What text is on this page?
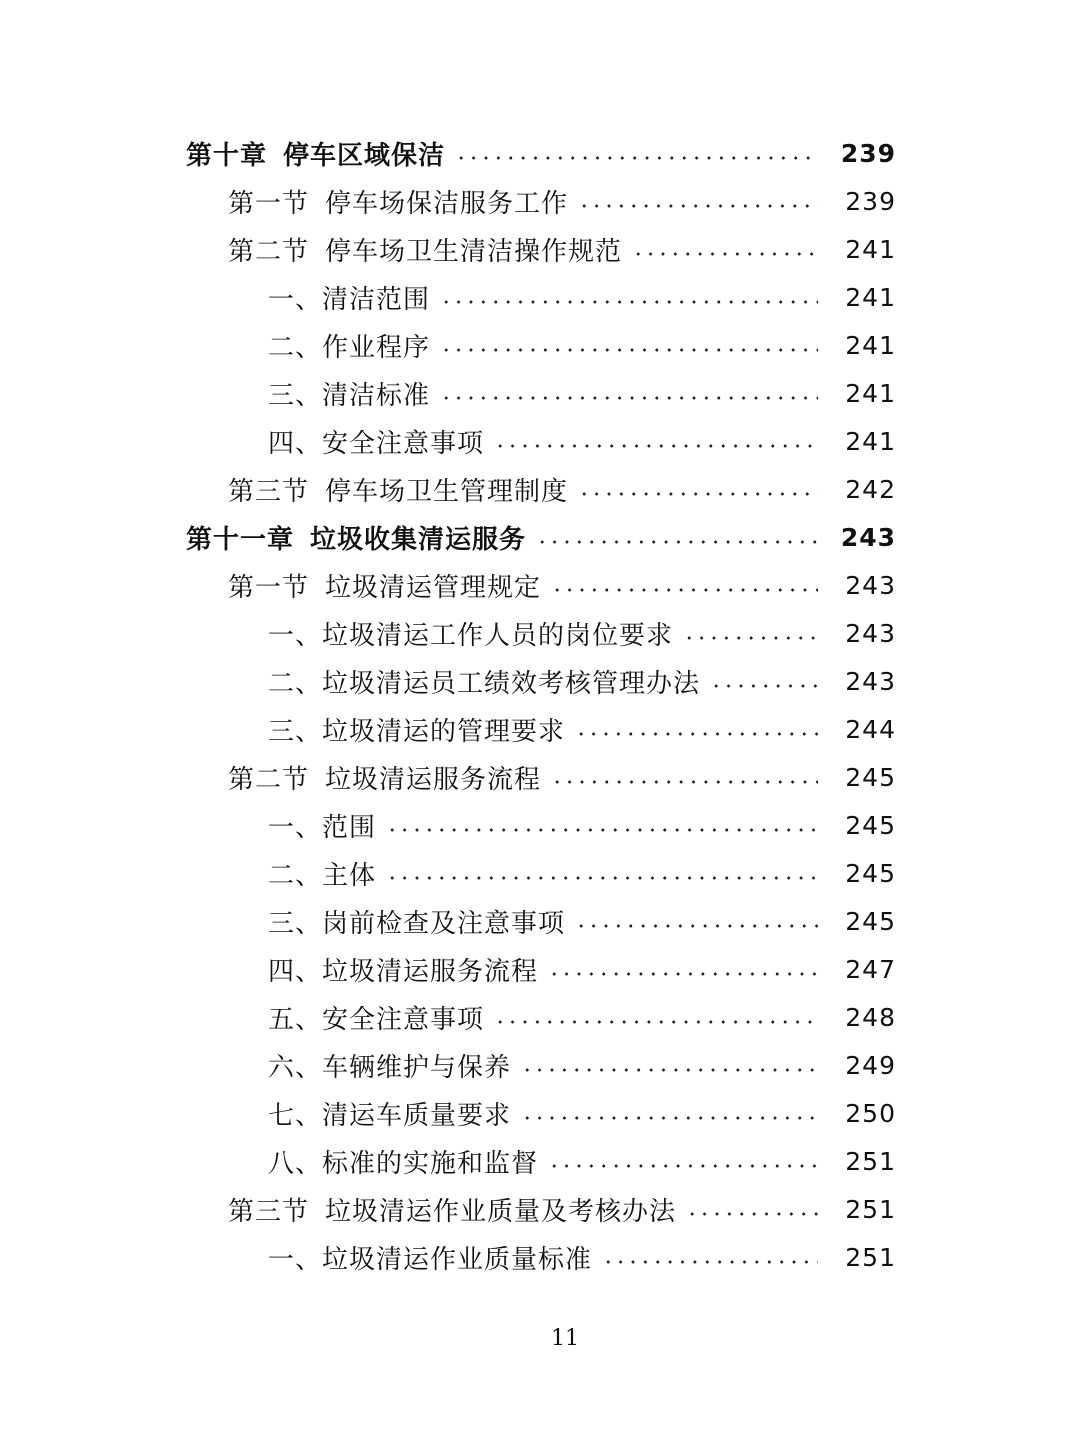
第十章 停车区域保洁	239
第一节 停车场保洁服务工作	239
第二节 停车场卫生清洁操作规范	241
一、清洁范围	241
二、作业程序	241
三、清洁标准	241
四、安全注意事项	241
第三节 停车场卫生管理制度	242
第十一章 垃圾收集清运服务	243
第一节 垃圾清运管理规定	243
一、垃圾清运工作人员的岗位要求	243
二、垃圾清运员工绩效考核管理办法	243
三、垃圾清运的管理要求	244
第二节 垃圾清运服务流程	245
一、范围	245
二、主体	245
三、岗前检查及注意事项	245
四、垃圾清运服务流程	247
五、安全注意事项	248
六、车辆维护与保养	249
七、清运车质量要求	250
八、标准的实施和监督	251
第三节 垃圾清运作业质量及考核办法	251
一、垃圾清运作业质量标准	251
11
